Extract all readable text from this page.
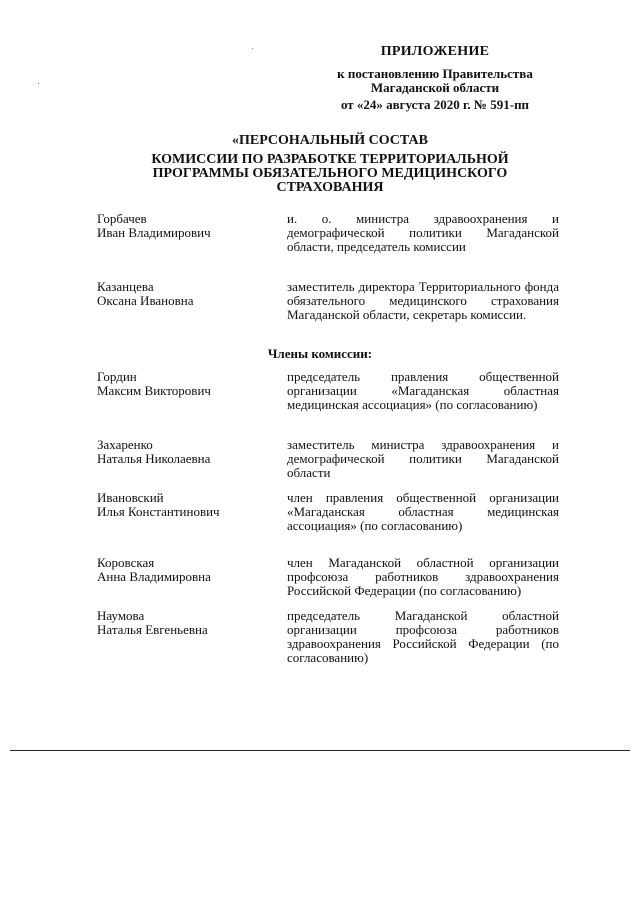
ПРИЛОЖЕНИЕ
к постановлению Правительства
Магаданской области
от «24» августа 2020 г. № 591-пп
«ПЕРСОНАЛЬНЫЙ СОСТАВ
КОМИССИИ ПО РАЗРАБОТКЕ ТЕРРИТОРИАЛЬНОЙ
ПРОГРАММЫ ОБЯЗАТЕЛЬНОГО МЕДИЦИНСКОГО
СТРАХОВАНИЯ
Горбачев
Иван Владимирович
и. о. министра здравоохранения и демографической политики Магаданской области, председатель комиссии
Казанцева
Оксана Ивановна
заместитель директора Территориального фонда обязательного медицинского страхования Магаданской области, секретарь комиссии.
Члены комиссии:
Гордин
Максим Викторович
председатель правления общественной организации «Магаданская областная медицинская ассоциация» (по согласованию)
Захаренко
Наталья Николаевна
заместитель министра здравоохранения и демографической политики Магаданской области
Ивановский
Илья Константинович
член правления общественной организации «Магаданская областная медицинская ассоциация» (по согласованию)
Коровская
Анна Владимировна
член Магаданской областной организации профсоюза работников здравоохранения Российской Федерации (по согласованию)
Наумова
Наталья Евгеньевна
председатель Магаданской областной организации профсоюза работников здравоохранения Российской Федерации (по согласованию)
